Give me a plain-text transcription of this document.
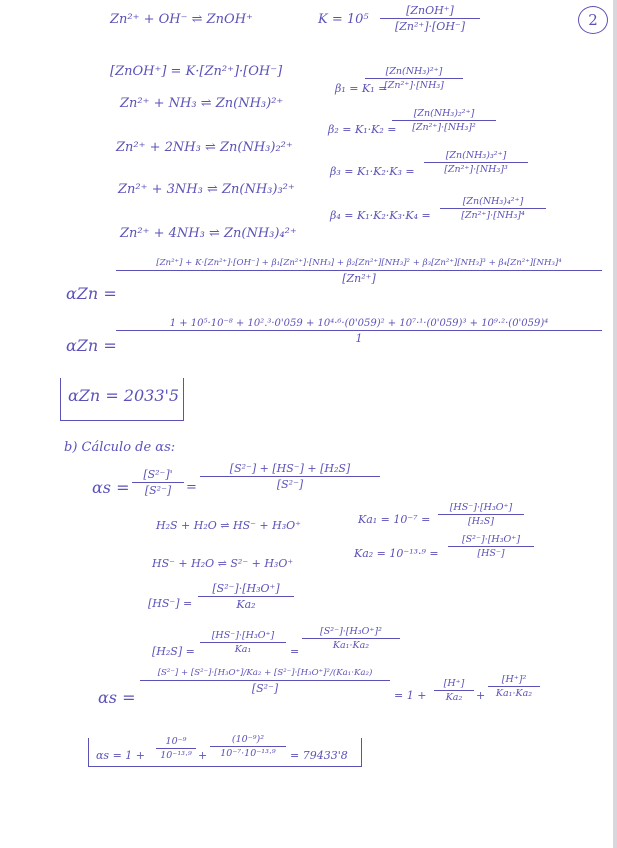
2
Zn²⁺ + OH⁻ ⇌ ZnOH⁺	K = 10⁵
[ZnOH⁺]
[Zn²⁺]·[OH⁻]
[ZnOH⁺] = K·[Zn²⁺]·[OH⁻]
Zn²⁺ + NH₃ ⇌ Zn(NH₃)²⁺
β₁ = K₁ =
$\frac{\text{[Zn(NH₃)²⁺]}}{\text{[Zn²⁺]·[NH₃]}}$
Zn²⁺ + 2NH₃ ⇌ Zn(NH₃)₂²⁺
β₂ = K₁·K₂ =
$\frac{\text{[Zn(NH₃)₂²⁺]}}{\text{[Zn²⁺]·[NH₃]²}}$
Zn²⁺ + 3NH₃ ⇌ Zn(NH₃)₃²⁺
$\beta_3 = K_1\cdot K_2\cdot K_3 = \frac{\text{[Zn(NH₃)₃²⁺]}}{\text{[Zn²⁺]·[NH₃]³}}$
Zn²⁺ + 4NH₃ ⇌ Zn(NH₃)₄²⁺
$\beta_4 = K_1\cdot K_2\cdot K_3\cdot K_4 = \frac{\text{[Zn(NH₃)₄²⁺]}}{\text{[Zn²⁺]·[NH₃]⁴}}$
αZn =
[Zn²⁺] + K·[Zn²⁺]·[OH⁻] + β₁[Zn²⁺]·[NH₃] + β₂[Zn²⁺][NH₃]² + β₃[Zn²⁺][NH₃]³ + β₄[Zn²⁺][NH₃]⁴
[Zn²⁺]
αZn =
1 + 10⁵·10⁻⁸ + 10².³·0'059 + 10⁴·⁶·(0'059)² + 10⁷·¹·(0'059)³ + 10⁹·²·(0'059)⁴
1
αZn = 2033'5
b) Cálculo de αs:
$\alpha s = \frac{\text{[S²⁻]'}}{\text{[S²⁻]}} = \frac{\text{[S²⁻] + [HS⁻] + [H₂S]}}{\text{[S²⁻]}}$
H₂S + H₂O ⇌ HS⁻ + H₃O⁺	$Ka_1 = 10^{-7} = \frac{\text{[HS⁻]·[H₃O⁺]}}{\text{[H₂S]}}$
HS⁻ + H₂O ⇌ S²⁻ + H₃O⁺
$Ka_2 = 10^{-13}\cdot^9 = \frac{\text{[S²⁻]·[H₃O⁺]}}{[HS^-]}$
$[HS^-] = \frac{\text{[S²⁻]·[H₃O⁺]}}{\text{Ka₂}}$
$[H_2S] = \frac{\text{[HS⁻]·[H₃O⁺]}}{\text{Ka₁}}$ =
$\frac{\text{[S²⁻]·[H₃O⁺]²}}{\text{Ka₁·Ka₂}}$
αs =
[S²⁻] + [S²⁻]·[H₃O⁺]/Ka₂ + [S²⁻]·[H₃O⁺]²/(Ka₁·Ka₂)
[S²⁻]
= $1 + \frac{[H^+]}{\text{Ka₂}} + \frac{\text{[H⁺]²}}{\text{Ka₁·Ka₂}}$
$\alpha s = 1 + \frac{\text{10⁻⁹}}{\text{10⁻¹³·⁹}} + \frac{\text{(10⁻⁹)²}}{\text{10⁻⁷·10⁻¹³·⁹}} = 79433'8$
